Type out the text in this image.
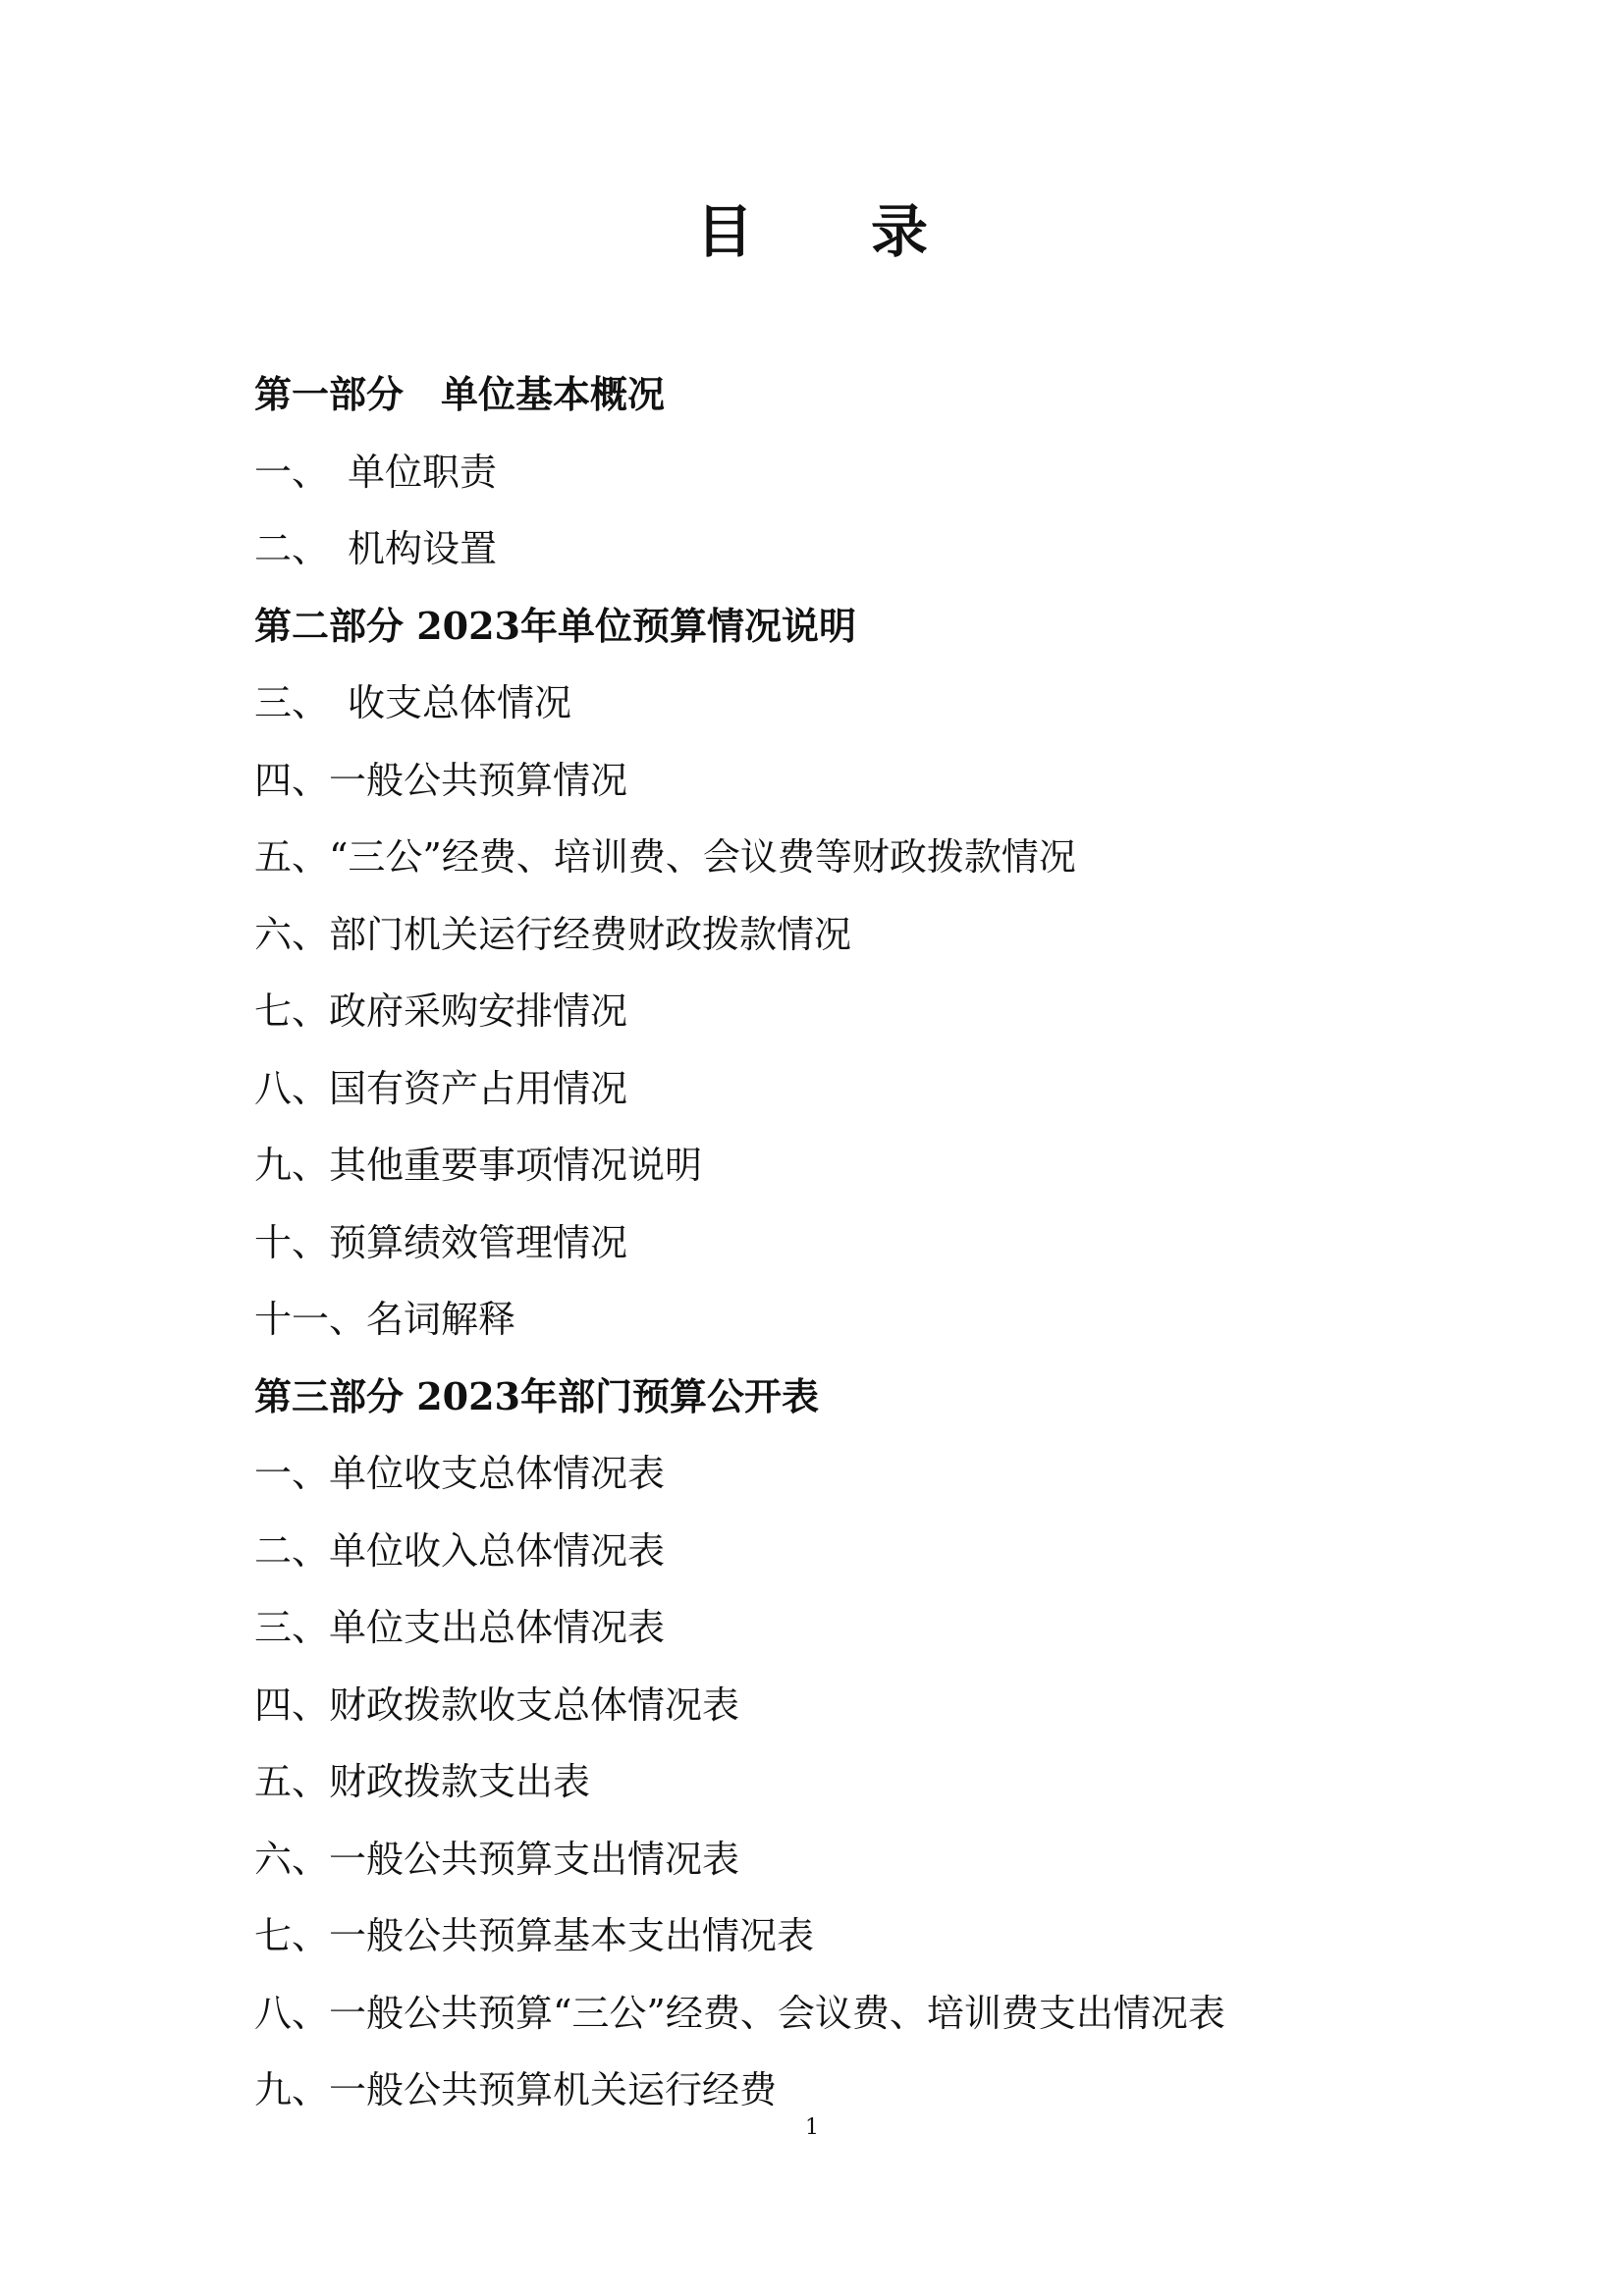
目 录
第一部分　单位基本概况
一、　单位职责
二、　机构设置
第二部分 2023年单位预算情况说明
三、　收支总体情况
四、一般公共预算情况
五、“三公”经费、培训费、会议费等财政拨款情况
六、部门机关运行经费财政拨款情况
七、政府采购安排情况
八、国有资产占用情况
九、其他重要事项情况说明
十、预算绩效管理情况
十一、名词解释
第三部分 2023年部门预算公开表
一、单位收支总体情况表
二、单位收入总体情况表
三、单位支出总体情况表
四、财政拨款收支总体情况表
五、财政拨款支出表
六、一般公共预算支出情况表
七、一般公共预算基本支出情况表
八、一般公共预算“三公”经费、会议费、培训费支出情况表
九、一般公共预算机关运行经费
1
